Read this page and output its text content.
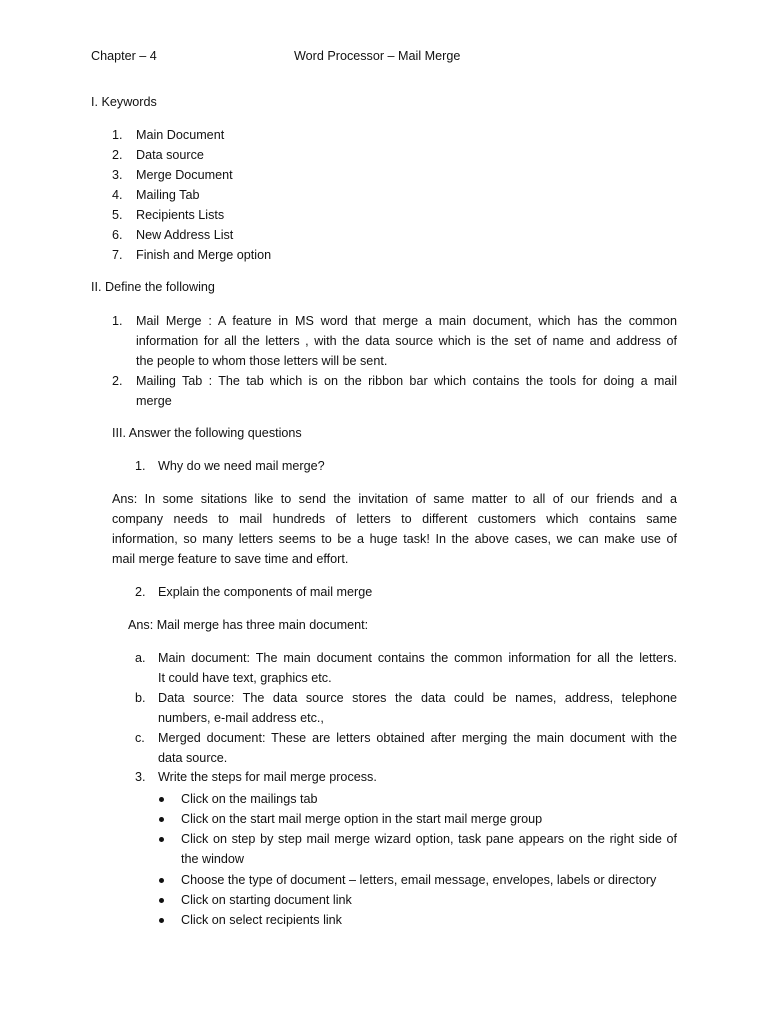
Chapter – 4	Word Processor – Mail Merge
I. Keywords
1. Main Document
2. Data source
3. Merge Document
4. Mailing Tab
5. Recipients Lists
6. New Address List
7. Finish and Merge option
II. Define the following
1. Mail Merge : A feature in MS word that merge a main document, which has the common
information for all the letters , with the data source which is the set of name and address of
the people to whom those letters will be sent.
2. Mailing Tab : The tab which is on the ribbon bar which contains the tools for doing a mail
merge
III. Answer the following questions
1. Why do we need mail merge?
Ans: In some sitations like to send the invitation of same matter to all of our friends and a
company needs to mail hundreds of letters to different customers which contains same
information, so many letters seems to be a huge task! In the above cases, we can make use of
mail merge feature to save time and effort.
2. Explain the components of mail merge
Ans: Mail merge has three main document:
a. Main document: The main document contains the common information for all the letters.
It could have text, graphics etc.
b. Data source: The data source stores the data could be names, address, telephone
numbers, e-mail address etc.,
c. Merged document: These are letters obtained after merging the main document with the
data source.
3. Write the steps for mail merge process.
Click on the mailings tab
Click on the start mail merge option in the start mail merge group
Click on step by step mail merge wizard option, task pane appears on the right side of
the window
Choose the type of document – letters, email message, envelopes, labels or directory
Click on starting document link
Click on select recipients link
